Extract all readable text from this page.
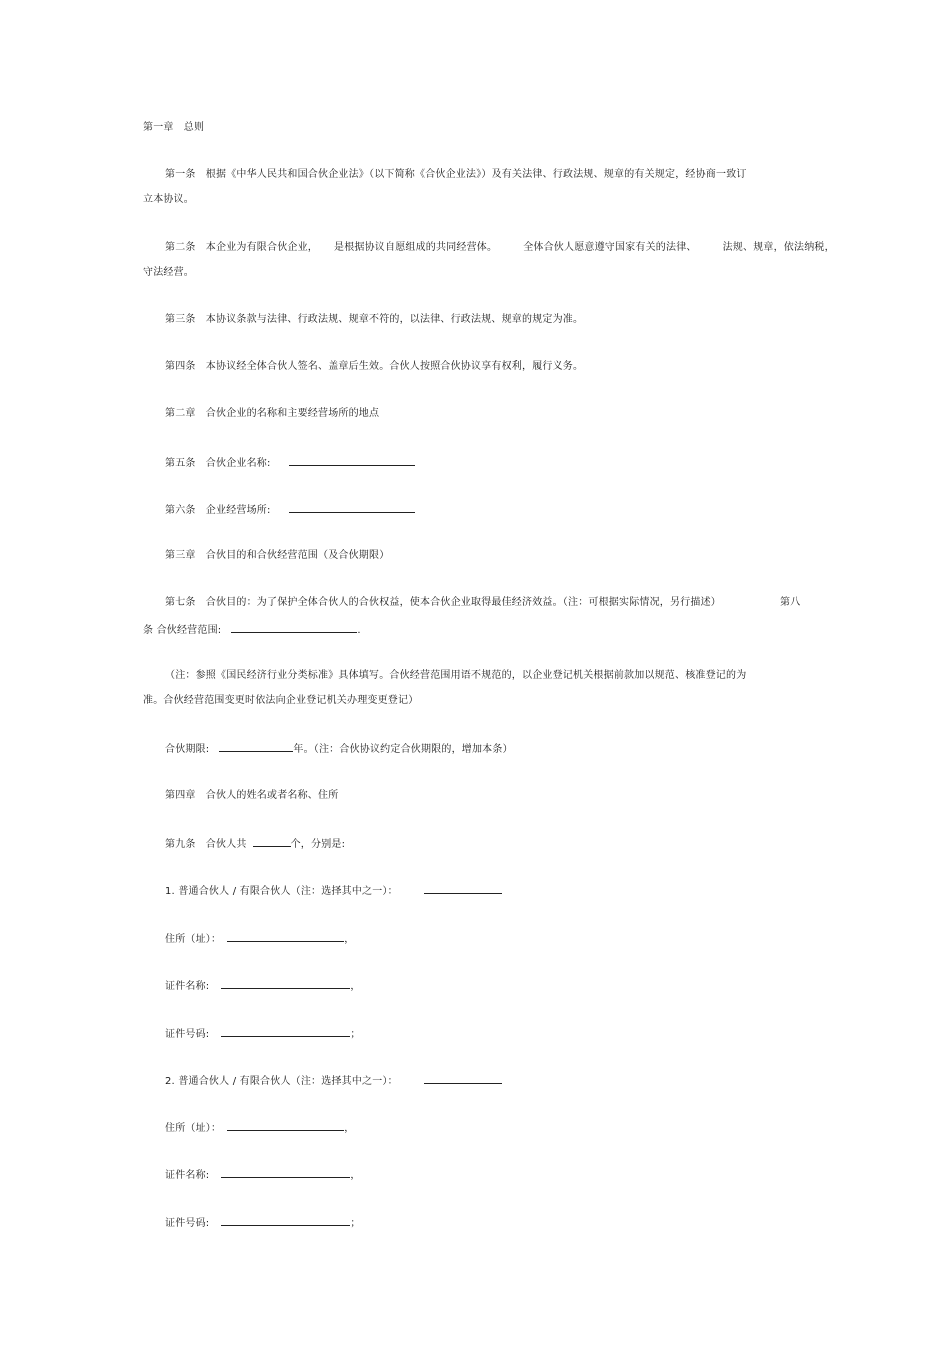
第一章　总则
第一条　根据《中华人民共和国合伙企业法》（以下简称《合伙企业法》）及有关法律、行政法规、规章的有关规定，经协商一致订
立本协议。
第二条　本企业为有限合伙企业， 是根据协议自愿组成的共同经营体。	全体合伙人愿意遵守国家有关的法律、	法规、规章，依法纳税，
守法经营。
第三条　本协议条款与法律、行政法规、规章不符的，以法律、行政法规、规章的规定为准。
第四条　本协议经全体合伙人签名、盖章后生效。合伙人按照合伙协议享有权利，履行义务。
第二章　合伙企业的名称和主要经营场所的地点
第五条　合伙企业名称:
第六条　企业经营场所:
第三章　合伙目的和合伙经营范围（及合伙期限）
第七条　合伙目的：为了保护全体合伙人的合伙权益，使本合伙企业取得最佳经济效益。（注：可根据实际情况，另行描述）	第八
条 合伙经营范围:	.
（注：参照《国民经济行业分类标准》具体填写。合伙经营范围用语不规范的，以企业登记机关根据前款加以规范、核准登记的为
准。合伙经营范围变更时依法向企业登记机关办理变更登记）
合伙期限:	年。（注：合伙协议约定合伙期限的，增加本条）
第四章　合伙人的姓名或者名称、住所
第九条　合伙人共	个，分别是:
1. 普通合伙人 / 有限合伙人（注：选择其中之一）：
住所（址）：	，
证件名称:	，
证件号码:	；
2. 普通合伙人 / 有限合伙人（注：选择其中之一）：
住所（址）：	，
证件名称:	，
证件号码:	；
